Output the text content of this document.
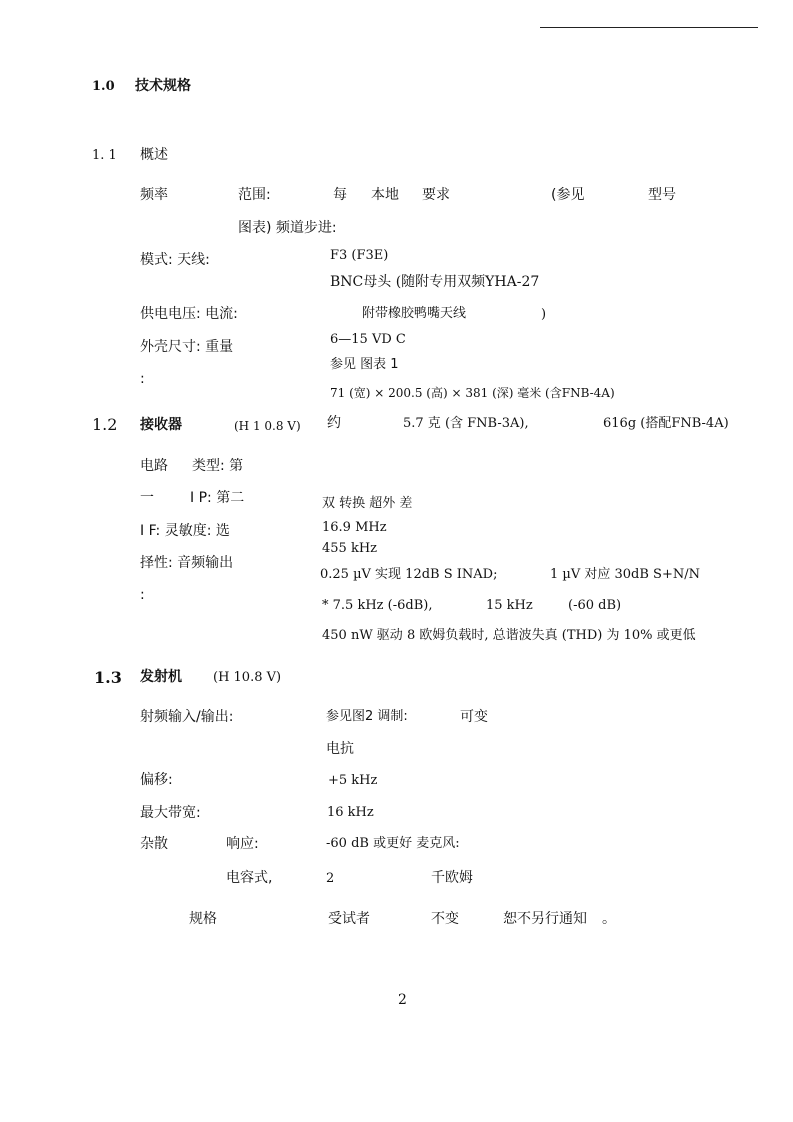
1.0 技术规格
1. 1 概述
频率	范围:	每 本地 要求	(参见	型号
图表) 频道步进:
模式: 天线:	F3 (F3E)
BNC母头 (随附专用双频YHA-27
供电电压: 电流:	附带橡胶鸭嘴天线	)
外壳尺寸: 重量	6—15 VD C
参见 图表 1
:
71 (宽) × 200.5 (高) × 381 (深) 毫米 (含FNB-4A)
1.2 接收器	(H 1 0.8 V) 约	5.7 克 (含 FNB-3A),	616g (搭配FNB-4A)
电路 类型: 第
一	I P: 第二	双 转换 超外 差
I F: 灵敏度: 选	16.9 MHz
455 kHz
择性: 音频输出
0.25 µV 实现 12dB S INAD;	1 µV 对应 30dB S+N/N
:
* 7.5 kHz (-6dB),	15 kHz	(-60 dB)
450 nW 驱动 8 欧姆负载时, 总谐波失真 (THD) 为 10% 或更低
1.3 发射机 (H 10.8 V)
射频输入/输出:	参见图2 调制:	可变
电抗
偏移:	+5 kHz
最大带宽:	16 kHz
杂散	响应:	-60 dB 或更好 麦克风:
电容式,	2	千欧姆
规格	受试者	不变	恕不另行通知 。
2
